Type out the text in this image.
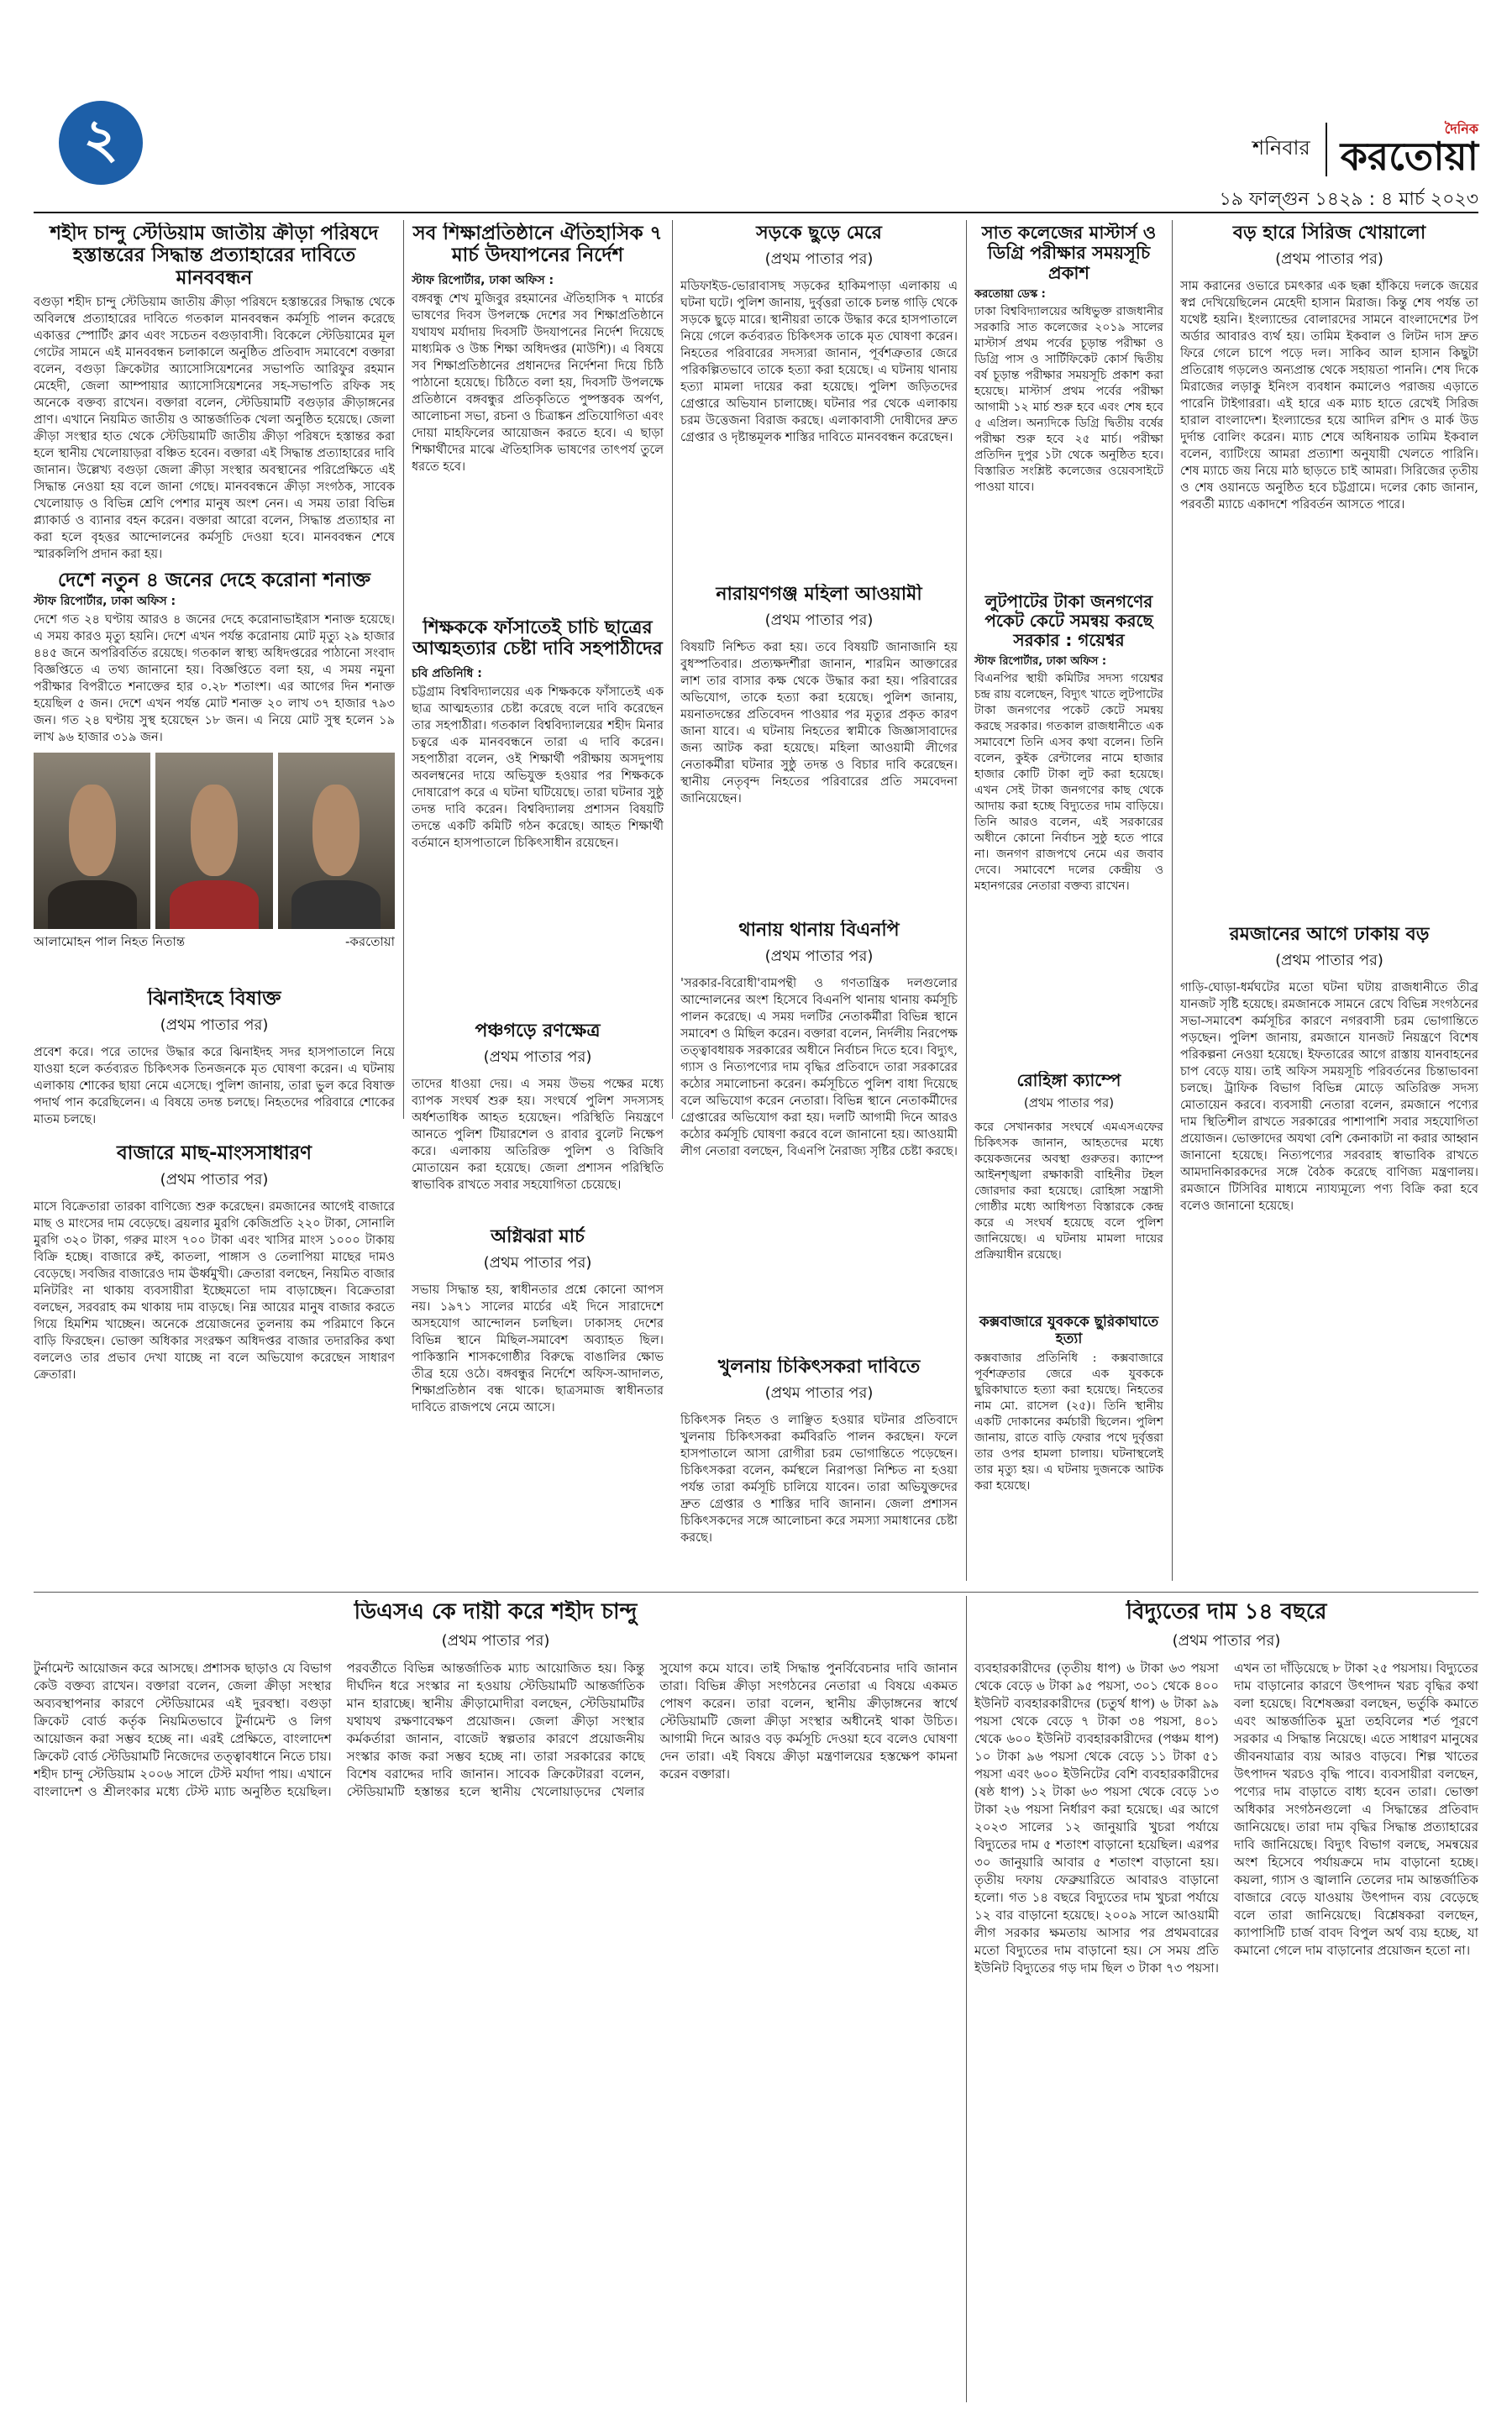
২	শনিবার
দৈনিক
করতোয়া
১৯ ফাল্গুন ১৪২৯ : ৪ মার্চ ২০২৩
শহীদ চান্দু স্টেডিয়াম জাতীয় ক্রীড়া পরিষদে হস্তান্তরের সিদ্ধান্ত প্রত্যাহারের দাবিতে মানববন্ধন

বগুড়া শহীদ চান্দু স্টেডিয়াম জাতীয় ক্রীড়া পরিষদে হস্তান্তরের সিদ্ধান্ত থেকে অবিলম্বে প্রত্যাহারের দাবিতে গতকাল মানববন্ধন কর্মসূচি পালন করেছে একাত্তর স্পোর্টিং ক্লাব এবং সচেতন বগুড়াবাসী। বিকেলে স্টেডিয়ামের মূল গেটের সামনে এই মানববন্ধন চলাকালে অনুষ্ঠিত প্রতিবাদ সমাবেশে বক্তারা বলেন, বগুড়া ক্রিকেটার অ্যাসোসিয়েশনের সভাপতি আরিফুর রহমান মেহেদী, জেলা আম্পায়ার অ্যাসোসিয়েশনের সহ-সভাপতি রফিক সহ অনেকে বক্তব্য রাখেন। বক্তারা বলেন, স্টেডিয়ামটি বগুড়ার ক্রীড়াঙ্গনের প্রাণ। এখানে নিয়মিত জাতীয় ও আন্তর্জাতিক খেলা অনুষ্ঠিত হয়েছে। জেলা ক্রীড়া সংস্থার হাত থেকে স্টেডিয়ামটি জাতীয় ক্রীড়া পরিষদে হস্তান্তর করা হলে স্থানীয় খেলোয়াড়রা বঞ্চিত হবেন। বক্তারা এই সিদ্ধান্ত প্রত্যাহারের দাবি জানান। উল্লেখ্য বগুড়া জেলা ক্রীড়া সংস্থার অবস্থানের পরিপ্রেক্ষিতে এই সিদ্ধান্ত নেওয়া হয় বলে জানা গেছে। মানববন্ধনে ক্রীড়া সংগঠক, সাবেক খেলোয়াড় ও বিভিন্ন শ্রেণি পেশার মানুষ অংশ নেন। এ সময় তারা বিভিন্ন প্ল্যাকার্ড ও ব্যানার বহন করেন। বক্তারা আরো বলেন, সিদ্ধান্ত প্রত্যাহার না করা হলে বৃহত্তর আন্দোলনের কর্মসূচি দেওয়া হবে। মানববন্ধন শেষে স্মারকলিপি প্রদান করা হয়।

দেশে নতুন ৪ জনের দেহে করোনা শনাক্ত
স্টাফ রিপোর্টার, ঢাকা অফিস :

দেশে গত ২৪ ঘণ্টায় আরও ৪ জনের দেহে করোনাভাইরাস শনাক্ত হয়েছে। এ সময় কারও মৃত্যু হয়নি। দেশে এখন পর্যন্ত করোনায় মোট মৃত্যু ২৯ হাজার ৪৪৫ জনে অপরিবর্তিত রয়েছে। গতকাল স্বাস্থ্য অধিদপ্তরের পাঠানো সংবাদ বিজ্ঞপ্তিতে এ তথ্য জানানো হয়। বিজ্ঞপ্তিতে বলা হয়, এ সময় নমুনা পরীক্ষার বিপরীতে শনাক্তের হার ০.২৮ শতাংশ। এর আগের দিন শনাক্ত হয়েছিল ৫ জন। দেশে এখন পর্যন্ত মোট শনাক্ত ২০ লাখ ৩৭ হাজার ৭৯৩ জন। গত ২৪ ঘণ্টায় সুস্থ হয়েছেন ১৮ জন। এ নিয়ে মোট সুস্থ হলেন ১৯ লাখ ৯৬ হাজার ৩১৯ জন।

আলামোহন পাল নিহত নিতান্ত	-করতোয়া
ঝিনাইদহে বিষাক্ত
(প্রথম পাতার পর)

প্রবেশ করে। পরে তাদের উদ্ধার করে ঝিনাইদহ সদর হাসপাতালে নিয়ে যাওয়া হলে কর্তব্যরত চিকিৎসক তিনজনকে মৃত ঘোষণা করেন। এ ঘটনায় এলাকায় শোকের ছায়া নেমে এসেছে। পুলিশ জানায়, তারা ভুল করে বিষাক্ত পদার্থ পান করেছিলেন। এ বিষয়ে তদন্ত চলছে। নিহতদের পরিবারে শোকের মাতম চলছে।

বাজারে মাছ-মাংসসাধারণ
(প্রথম পাতার পর)

মাসে বিক্রেতারা তারকা বাণিজ্যে শুরু করেছেন। রমজানের আগেই বাজারে মাছ ও মাংসের দাম বেড়েছে। ব্রয়লার মুরগি কেজিপ্রতি ২২০ টাকা, সোনালি মুরগি ৩২০ টাকা, গরুর মাংস ৭০০ টাকা এবং খাসির মাংস ১০০০ টাকায় বিক্রি হচ্ছে। বাজারে রুই, কাতলা, পাঙ্গাস ও তেলাপিয়া মাছের দামও বেড়েছে। সবজির বাজারেও দাম ঊর্ধ্বমুখী। ক্রেতারা বলছেন, নিয়মিত বাজার মনিটরিং না থাকায় ব্যবসায়ীরা ইচ্ছেমতো দাম বাড়াচ্ছেন। বিক্রেতারা বলছেন, সরবরাহ কম থাকায় দাম বাড়ছে। নিম্ন আয়ের মানুষ বাজার করতে গিয়ে হিমশিম খাচ্ছেন। অনেকে প্রয়োজনের তুলনায় কম পরিমাণে কিনে বাড়ি ফিরছেন। ভোক্তা অধিকার সংরক্ষণ অধিদপ্তর বাজার তদারকির কথা বললেও তার প্রভাব দেখা যাচ্ছে না বলে অভিযোগ করেছেন সাধারণ ক্রেতারা।

সব শিক্ষাপ্রতিষ্ঠানে ঐতিহাসিক ৭ মার্চ উদযাপনের নির্দেশ
স্টাফ রিপোর্টার, ঢাকা অফিস :

বঙ্গবন্ধু শেখ মুজিবুর রহমানের ঐতিহাসিক ৭ মার্চের ভাষণের দিবস উপলক্ষে দেশের সব শিক্ষাপ্রতিষ্ঠানে যথাযথ মর্যাদায় দিবসটি উদযাপনের নির্দেশ দিয়েছে মাধ্যমিক ও উচ্চ শিক্ষা অধিদপ্তর (মাউশি)। এ বিষয়ে সব শিক্ষাপ্রতিষ্ঠানের প্রধানদের নির্দেশনা দিয়ে চিঠি পাঠানো হয়েছে। চিঠিতে বলা হয়, দিবসটি উপলক্ষে প্রতিষ্ঠানে বঙ্গবন্ধুর প্রতিকৃতিতে পুষ্পস্তবক অর্পণ, আলোচনা সভা, রচনা ও চিত্রাঙ্কন প্রতিযোগিতা এবং দোয়া মাহফিলের আয়োজন করতে হবে। এ ছাড়া শিক্ষার্থীদের মাঝে ঐতিহাসিক ভাষণের তাৎপর্য তুলে ধরতে হবে।

শিক্ষককে ফাঁসাতেই চাচি ছাত্রের আত্মহত্যার চেষ্টা দাবি সহপাঠীদের
চবি প্রতিনিধি :

চট্টগ্রাম বিশ্ববিদ্যালয়ের এক শিক্ষককে ফাঁসাতেই এক ছাত্র আত্মহত্যার চেষ্টা করেছে বলে দাবি করেছেন তার সহপাঠীরা। গতকাল বিশ্ববিদ্যালয়ের শহীদ মিনার চত্বরে এক মানববন্ধনে তারা এ দাবি করেন। সহপাঠীরা বলেন, ওই শিক্ষার্থী পরীক্ষায় অসদুপায় অবলম্বনের দায়ে অভিযুক্ত হওয়ার পর শিক্ষককে দোষারোপ করে এ ঘটনা ঘটিয়েছে। তারা ঘটনার সুষ্ঠু তদন্ত দাবি করেন। বিশ্ববিদ্যালয় প্রশাসন বিষয়টি তদন্তে একটি কমিটি গঠন করেছে। আহত শিক্ষার্থী বর্তমানে হাসপাতালে চিকিৎসাধীন রয়েছেন।

পঞ্চগড়ে রণক্ষেত্র
(প্রথম পাতার পর)

তাদের ধাওয়া দেয়। এ সময় উভয় পক্ষের মধ্যে ব্যাপক সংঘর্ষ শুরু হয়। সংঘর্ষে পুলিশ সদস্যসহ অর্ধশতাধিক আহত হয়েছেন। পরিস্থিতি নিয়ন্ত্রণে আনতে পুলিশ টিয়ারশেল ও রাবার বুলেট নিক্ষেপ করে। এলাকায় অতিরিক্ত পুলিশ ও বিজিবি মোতায়েন করা হয়েছে। জেলা প্রশাসন পরিস্থিতি স্বাভাবিক রাখতে সবার সহযোগিতা চেয়েছে।

অগ্নিঝরা মার্চ
(প্রথম পাতার পর)

সভায় সিদ্ধান্ত হয়, স্বাধীনতার প্রশ্নে কোনো আপস নয়। ১৯৭১ সালের মার্চের এই দিনে সারাদেশে অসহযোগ আন্দোলন চলছিল। ঢাকাসহ দেশের বিভিন্ন স্থানে মিছিল-সমাবেশ অব্যাহত ছিল। পাকিস্তানি শাসকগোষ্ঠীর বিরুদ্ধে বাঙালির ক্ষোভ তীব্র হয়ে ওঠে। বঙ্গবন্ধুর নির্দেশে অফিস-আদালত, শিক্ষাপ্রতিষ্ঠান বন্ধ থাকে। ছাত্রসমাজ স্বাধীনতার দাবিতে রাজপথে নেমে আসে।

সড়কে ছুড়ে মেরে
(প্রথম পাতার পর)

মডিফাইড-ভোরাবাসছ সড়কের হাকিমপাড়া এলাকায় এ ঘটনা ঘটে। পুলিশ জানায়, দুর্বৃত্তরা তাকে চলন্ত গাড়ি থেকে সড়কে ছুড়ে মারে। স্থানীয়রা তাকে উদ্ধার করে হাসপাতালে নিয়ে গেলে কর্তব্যরত চিকিৎসক তাকে মৃত ঘোষণা করেন। নিহতের পরিবারের সদস্যরা জানান, পূর্বশত্রুতার জেরে পরিকল্পিতভাবে তাকে হত্যা করা হয়েছে। এ ঘটনায় থানায় হত্যা মামলা দায়ের করা হয়েছে। পুলিশ জড়িতদের গ্রেপ্তারে অভিযান চালাচ্ছে। ঘটনার পর থেকে এলাকায় চরম উত্তেজনা বিরাজ করছে। এলাকাবাসী দোষীদের দ্রুত গ্রেপ্তার ও দৃষ্টান্তমূলক শাস্তির দাবিতে মানববন্ধন করেছেন।

নারায়ণগঞ্জ মহিলা আওয়ামী
(প্রথম পাতার পর)

বিষয়টি নিশ্চিত করা হয়। তবে বিষয়টি জানাজানি হয় বুধস্পতিবার। প্রত্যক্ষদর্শীরা জানান, শারমিন আক্তারের লাশ তার বাসার কক্ষ থেকে উদ্ধার করা হয়। পরিবারের অভিযোগ, তাকে হত্যা করা হয়েছে। পুলিশ জানায়, ময়নাতদন্তের প্রতিবেদন পাওয়ার পর মৃত্যুর প্রকৃত কারণ জানা যাবে। এ ঘটনায় নিহতের স্বামীকে জিজ্ঞাসাবাদের জন্য আটক করা হয়েছে। মহিলা আওয়ামী লীগের নেতাকর্মীরা ঘটনার সুষ্ঠু তদন্ত ও বিচার দাবি করেছেন। স্থানীয় নেতৃবৃন্দ নিহতের পরিবারের প্রতি সমবেদনা জানিয়েছেন।

থানায় থানায় বিএনপি
(প্রথম পাতার পর)

'সরকার-বিরোধী'বামপন্থী ও গণতান্ত্রিক দলগুলোর আন্দোলনের অংশ হিসেবে বিএনপি থানায় থানায় কর্মসূচি পালন করেছে। এ সময় দলটির নেতাকর্মীরা বিভিন্ন স্থানে সমাবেশ ও মিছিল করেন। বক্তারা বলেন, নির্দলীয় নিরপেক্ষ তত্ত্বাবধায়ক সরকারের অধীনে নির্বাচন দিতে হবে। বিদ্যুৎ, গ্যাস ও নিত্যপণ্যের দাম বৃদ্ধির প্রতিবাদে তারা সরকারের কঠোর সমালোচনা করেন। কর্মসূচিতে পুলিশ বাধা দিয়েছে বলে অভিযোগ করেন নেতারা। বিভিন্ন স্থানে নেতাকর্মীদের গ্রেপ্তারের অভিযোগ করা হয়। দলটি আগামী দিনে আরও কঠোর কর্মসূচি ঘোষণা করবে বলে জানানো হয়। আওয়ামী লীগ নেতারা বলছেন, বিএনপি নৈরাজ্য সৃষ্টির চেষ্টা করছে।

খুলনায় চিকিৎসকরা দাবিতে
(প্রথম পাতার পর)

চিকিৎসক নিহত ও লাঞ্ছিত হওয়ার ঘটনার প্রতিবাদে খুলনায় চিকিৎসকরা কর্মবিরতি পালন করছেন। ফলে হাসপাতালে আসা রোগীরা চরম ভোগান্তিতে পড়েছেন। চিকিৎসকরা বলেন, কর্মস্থলে নিরাপত্তা নিশ্চিত না হওয়া পর্যন্ত তারা কর্মসূচি চালিয়ে যাবেন। তারা অভিযুক্তদের দ্রুত গ্রেপ্তার ও শাস্তির দাবি জানান। জেলা প্রশাসন চিকিৎসকদের সঙ্গে আলোচনা করে সমস্যা সমাধানের চেষ্টা করছে।

সাত কলেজের মাস্টার্স ও ডিগ্রি পরীক্ষার সময়সূচি প্রকাশ
করতোয়া ডেস্ক :

ঢাকা বিশ্ববিদ্যালয়ের অধিভুক্ত রাজধানীর সরকারি সাত কলেজের ২০১৯ সালের মাস্টার্স প্রথম পর্বের চূড়ান্ত পরীক্ষা ও ডিগ্রি পাস ও সার্টিফিকেট কোর্স দ্বিতীয় বর্ষ চূড়ান্ত পরীক্ষার সময়সূচি প্রকাশ করা হয়েছে। মাস্টার্স প্রথম পর্বের পরীক্ষা আগামী ১২ মার্চ শুরু হবে এবং শেষ হবে ৫ এপ্রিল। অন্যদিকে ডিগ্রি দ্বিতীয় বর্ষের পরীক্ষা শুরু হবে ২৫ মার্চ। পরীক্ষা প্রতিদিন দুপুর ১টা থেকে অনুষ্ঠিত হবে। বিস্তারিত সংশ্লিষ্ট কলেজের ওয়েবসাইটে পাওয়া যাবে।

লুটপাটের টাকা জনগণের পকেট কেটে সমন্বয় করছে সরকার : গয়েশ্বর
স্টাফ রিপোর্টার, ঢাকা অফিস :

বিএনপির স্থায়ী কমিটির সদস্য গয়েশ্বর চন্দ্র রায় বলেছেন, বিদ্যুৎ খাতে লুটপাটের টাকা জনগণের পকেট কেটে সমন্বয় করছে সরকার। গতকাল রাজধানীতে এক সমাবেশে তিনি এসব কথা বলেন। তিনি বলেন, কুইক রেন্টালের নামে হাজার হাজার কোটি টাকা লুট করা হয়েছে। এখন সেই টাকা জনগণের কাছ থেকে আদায় করা হচ্ছে বিদ্যুতের দাম বাড়িয়ে। তিনি আরও বলেন, এই সরকারের অধীনে কোনো নির্বাচন সুষ্ঠু হতে পারে না। জনগণ রাজপথে নেমে এর জবাব দেবে। সমাবেশে দলের কেন্দ্রীয় ও মহানগরের নেতারা বক্তব্য রাখেন।

রোহিঙ্গা ক্যাম্পে
(প্রথম পাতার পর)

করে সেখানকার সংঘর্ষে এমএসএফের চিকিৎসক জানান, আহতদের মধ্যে কয়েকজনের অবস্থা গুরুতর। ক্যাম্পে আইনশৃঙ্খলা রক্ষাকারী বাহিনীর টহল জোরদার করা হয়েছে। রোহিঙ্গা সন্ত্রাসী গোষ্ঠীর মধ্যে আধিপত্য বিস্তারকে কেন্দ্র করে এ সংঘর্ষ হয়েছে বলে পুলিশ জানিয়েছে। এ ঘটনায় মামলা দায়ের প্রক্রিয়াধীন রয়েছে।

কক্সবাজারে যুবককে ছুরিকাঘাতে হত্যা

কক্সবাজার প্রতিনিধি : কক্সবাজারে পূর্বশত্রুতার জেরে এক যুবককে ছুরিকাঘাতে হত্যা করা হয়েছে। নিহতের নাম মো. রাসেল (২৫)। তিনি স্থানীয় একটি দোকানের কর্মচারী ছিলেন। পুলিশ জানায়, রাতে বাড়ি ফেরার পথে দুর্বৃত্তরা তার ওপর হামলা চালায়। ঘটনাস্থলেই তার মৃত্যু হয়। এ ঘটনায় দুজনকে আটক করা হয়েছে।

বড় হারে সিরিজ খোয়ালো
(প্রথম পাতার পর)

সাম করানের ওভারে চমৎকার এক ছক্কা হাঁকিয়ে দলকে জয়ের স্বপ্ন দেখিয়েছিলেন মেহেদী হাসান মিরাজ। কিন্তু শেষ পর্যন্ত তা যথেষ্ট হয়নি। ইংল্যান্ডের বোলারদের সামনে বাংলাদেশের টপ অর্ডার আবারও ব্যর্থ হয়। তামিম ইকবাল ও লিটন দাস দ্রুত ফিরে গেলে চাপে পড়ে দল। সাকিব আল হাসান কিছুটা প্রতিরোধ গড়লেও অন্যপ্রান্ত থেকে সহায়তা পাননি। শেষ দিকে মিরাজের লড়াকু ইনিংস ব্যবধান কমালেও পরাজয় এড়াতে পারেনি টাইগাররা। এই হারে এক ম্যাচ হাতে রেখেই সিরিজ হারাল বাংলাদেশ। ইংল্যান্ডের হয়ে আদিল রশিদ ও মার্ক উড দুর্দান্ত বোলিং করেন। ম্যাচ শেষে অধিনায়ক তামিম ইকবাল বলেন, ব্যাটিংয়ে আমরা প্রত্যাশা অনুযায়ী খেলতে পারিনি। শেষ ম্যাচে জয় নিয়ে মাঠ ছাড়তে চাই আমরা। সিরিজের তৃতীয় ও শেষ ওয়ানডে অনুষ্ঠিত হবে চট্টগ্রামে। দলের কোচ জানান, পরবর্তী ম্যাচে একাদশে পরিবর্তন আসতে পারে।

রমজানের আগে ঢাকায় বড়
(প্রথম পাতার পর)

গাড়ি-ঘোড়া-ধর্মঘটের মতো ঘটনা ঘটায় রাজধানীতে তীব্র যানজট সৃষ্টি হয়েছে। রমজানকে সামনে রেখে বিভিন্ন সংগঠনের সভা-সমাবেশ কর্মসূচির কারণে নগরবাসী চরম ভোগান্তিতে পড়ছেন। পুলিশ জানায়, রমজানে যানজট নিয়ন্ত্রণে বিশেষ পরিকল্পনা নেওয়া হয়েছে। ইফতারের আগে রাস্তায় যানবাহনের চাপ বেড়ে যায়। তাই অফিস সময়সূচি পরিবর্তনের চিন্তাভাবনা চলছে। ট্রাফিক বিভাগ বিভিন্ন মোড়ে অতিরিক্ত সদস্য মোতায়েন করবে। ব্যবসায়ী নেতারা বলেন, রমজানে পণ্যের দাম স্থিতিশীল রাখতে সরকারের পাশাপাশি সবার সহযোগিতা প্রয়োজন। ভোক্তাদের অযথা বেশি কেনাকাটা না করার আহ্বান জানানো হয়েছে। নিত্যপণ্যের সরবরাহ স্বাভাবিক রাখতে আমদানিকারকদের সঙ্গে বৈঠক করেছে বাণিজ্য মন্ত্রণালয়। রমজানে টিসিবির মাধ্যমে ন্যায্যমূল্যে পণ্য বিক্রি করা হবে বলেও জানানো হয়েছে।

ডিএসএ কে দায়ী করে শহীদ চান্দু
(প্রথম পাতার পর)

টুর্নামেন্ট আয়োজন করে আসছে। প্রশাসক ছাড়াও যে বিভাগ কেউ বক্তব্য রাখেন। বক্তারা বলেন, জেলা ক্রীড়া সংস্থার অব্যবস্থাপনার কারণে স্টেডিয়ামের এই দুরবস্থা। বগুড়া ক্রিকেট বোর্ড কর্তৃক নিয়মিতভাবে টুর্নামেন্ট ও লিগ আয়োজন করা সম্ভব হচ্ছে না। এরই প্রেক্ষিতে, বাংলাদেশ ক্রিকেট বোর্ড স্টেডিয়ামটি নিজেদের তত্ত্বাবধানে নিতে চায়। শহীদ চান্দু স্টেডিয়াম ২০০৬ সালে টেস্ট মর্যাদা পায়। এখানে বাংলাদেশ ও শ্রীলংকার মধ্যে টেস্ট ম্যাচ অনুষ্ঠিত হয়েছিল। পরবর্তীতে বিভিন্ন আন্তর্জাতিক ম্যাচ আয়োজিত হয়। কিন্তু দীর্ঘদিন ধরে সংস্কার না হওয়ায় স্টেডিয়ামটি আন্তর্জাতিক মান হারাচ্ছে। স্থানীয় ক্রীড়ামোদীরা বলছেন, স্টেডিয়ামটির যথাযথ রক্ষণাবেক্ষণ প্রয়োজন। জেলা ক্রীড়া সংস্থার কর্মকর্তারা জানান, বাজেট স্বল্পতার কারণে প্রয়োজনীয় সংস্কার কাজ করা সম্ভব হচ্ছে না। তারা সরকারের কাছে বিশেষ বরাদ্দের দাবি জানান। সাবেক ক্রিকেটাররা বলেন, স্টেডিয়ামটি হস্তান্তর হলে স্থানীয় খেলোয়াড়দের খেলার সুযোগ কমে যাবে। তাই সিদ্ধান্ত পুনর্বিবেচনার দাবি জানান তারা। বিভিন্ন ক্রীড়া সংগঠনের নেতারা এ বিষয়ে একমত পোষণ করেন। তারা বলেন, স্থানীয় ক্রীড়াঙ্গনের স্বার্থে স্টেডিয়ামটি জেলা ক্রীড়া সংস্থার অধীনেই থাকা উচিত। আগামী দিনে আরও বড় কর্মসূচি দেওয়া হবে বলেও ঘোষণা দেন তারা। এই বিষয়ে ক্রীড়া মন্ত্রণালয়ের হস্তক্ষেপ কামনা করেন বক্তারা।

বিদ্যুতের দাম ১৪ বছরে
(প্রথম পাতার পর)

ব্যবহারকারীদের (তৃতীয় ধাপ) ৬ টাকা ৬৩ পয়সা থেকে বেড়ে ৬ টাকা ৯৫ পয়সা, ৩০১ থেকে ৪০০ ইউনিট ব্যবহারকারীদের (চতুর্থ ধাপ) ৬ টাকা ৯৯ পয়সা থেকে বেড়ে ৭ টাকা ৩৪ পয়সা, ৪০১ থেকে ৬০০ ইউনিট ব্যবহারকারীদের (পঞ্চম ধাপ) ১০ টাকা ৯৬ পয়সা থেকে বেড়ে ১১ টাকা ৫১ পয়সা এবং ৬০০ ইউনিটের বেশি ব্যবহারকারীদের (ষষ্ঠ ধাপ) ১২ টাকা ৬৩ পয়সা থেকে বেড়ে ১৩ টাকা ২৬ পয়সা নির্ধারণ করা হয়েছে। এর আগে ২০২৩ সালের ১২ জানুয়ারি খুচরা পর্যায়ে বিদ্যুতের দাম ৫ শতাংশ বাড়ানো হয়েছিল। এরপর ৩০ জানুয়ারি আবার ৫ শতাংশ বাড়ানো হয়। তৃতীয় দফায় ফেব্রুয়ারিতে আবারও বাড়ানো হলো। গত ১৪ বছরে বিদ্যুতের দাম খুচরা পর্যায়ে ১২ বার বাড়ানো হয়েছে। ২০০৯ সালে আওয়ামী লীগ সরকার ক্ষমতায় আসার পর প্রথমবারের মতো বিদ্যুতের দাম বাড়ানো হয়। সে সময় প্রতি ইউনিট বিদ্যুতের গড় দাম ছিল ৩ টাকা ৭৩ পয়সা। এখন তা দাঁড়িয়েছে ৮ টাকা ২৫ পয়সায়। বিদ্যুতের দাম বাড়ানোর কারণে উৎপাদন খরচ বৃদ্ধির কথা বলা হয়েছে। বিশেষজ্ঞরা বলছেন, ভর্তুকি কমাতে এবং আন্তর্জাতিক মুদ্রা তহবিলের শর্ত পূরণে সরকার এ সিদ্ধান্ত নিয়েছে। এতে সাধারণ মানুষের জীবনযাত্রার ব্যয় আরও বাড়বে। শিল্প খাতের উৎপাদন খরচও বৃদ্ধি পাবে। ব্যবসায়ীরা বলছেন, পণ্যের দাম বাড়াতে বাধ্য হবেন তারা। ভোক্তা অধিকার সংগঠনগুলো এ সিদ্ধান্তের প্রতিবাদ জানিয়েছে। তারা দাম বৃদ্ধির সিদ্ধান্ত প্রত্যাহারের দাবি জানিয়েছে। বিদ্যুৎ বিভাগ বলছে, সমন্বয়ের অংশ হিসেবে পর্যায়ক্রমে দাম বাড়ানো হচ্ছে। কয়লা, গ্যাস ও জ্বালানি তেলের দাম আন্তর্জাতিক বাজারে বেড়ে যাওয়ায় উৎপাদন ব্যয় বেড়েছে বলে তারা জানিয়েছে। বিশ্লেষকরা বলছেন, ক্যাপাসিটি চার্জ বাবদ বিপুল অর্থ ব্যয় হচ্ছে, যা কমানো গেলে দাম বাড়ানোর প্রয়োজন হতো না।
